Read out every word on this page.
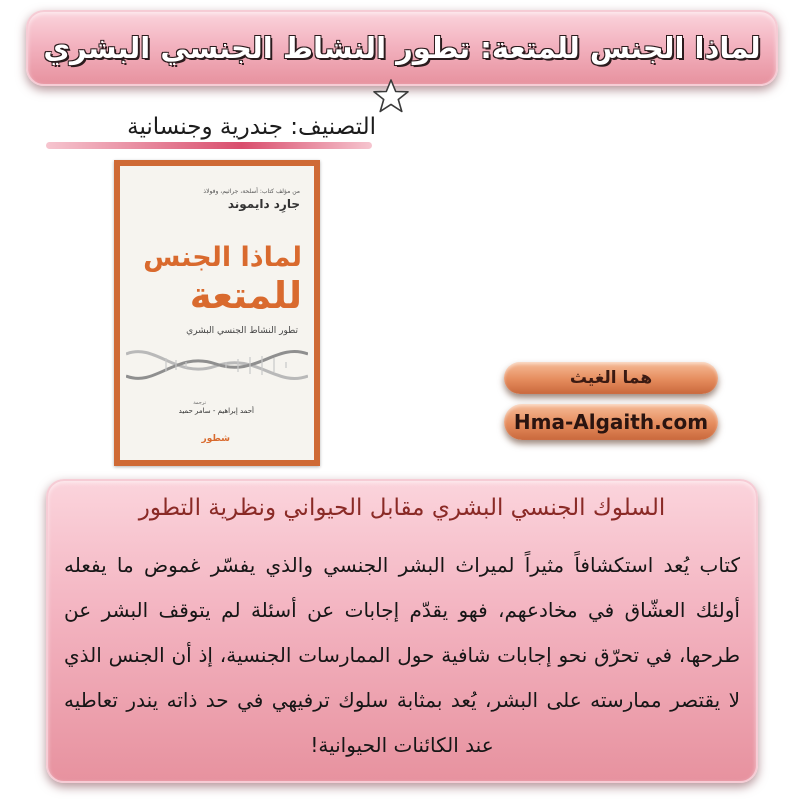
لماذا الجنس للمتعة: تطور النشاط الجنسي البشري
التصنيف: جندرية وجنسانية
من مؤلف كتاب: أسلحة، جراثيم، وفولاذ
جارِد دايموند
لماذا الجنس
للمتعة
تطور النشاط الجنسي البشري
ترجمة
أحمد إبراهيم - سامر حميد
شطور
هما الغيث
Hma-Algaith.com
السلوك الجنسي البشري مقابل الحيواني ونظرية التطور
كتاب يُعد استكشافاً مثيراً لميراث البشر الجنسي والذي يفسّر غموض ما يفعله أولئك العشّاق في مخادعهم، فهو يقدّم إجابات عن أسئلة لم يتوقف البشر عن طرحها، في تحرّق نحو إجابات شافية حول الممارسات الجنسية، إذ أن الجنس الذي لا يقتصر ممارسته على البشر، يُعد بمثابة سلوك ترفيهي في حد ذاته يندر تعاطيه عند الكائنات الحيوانية!
